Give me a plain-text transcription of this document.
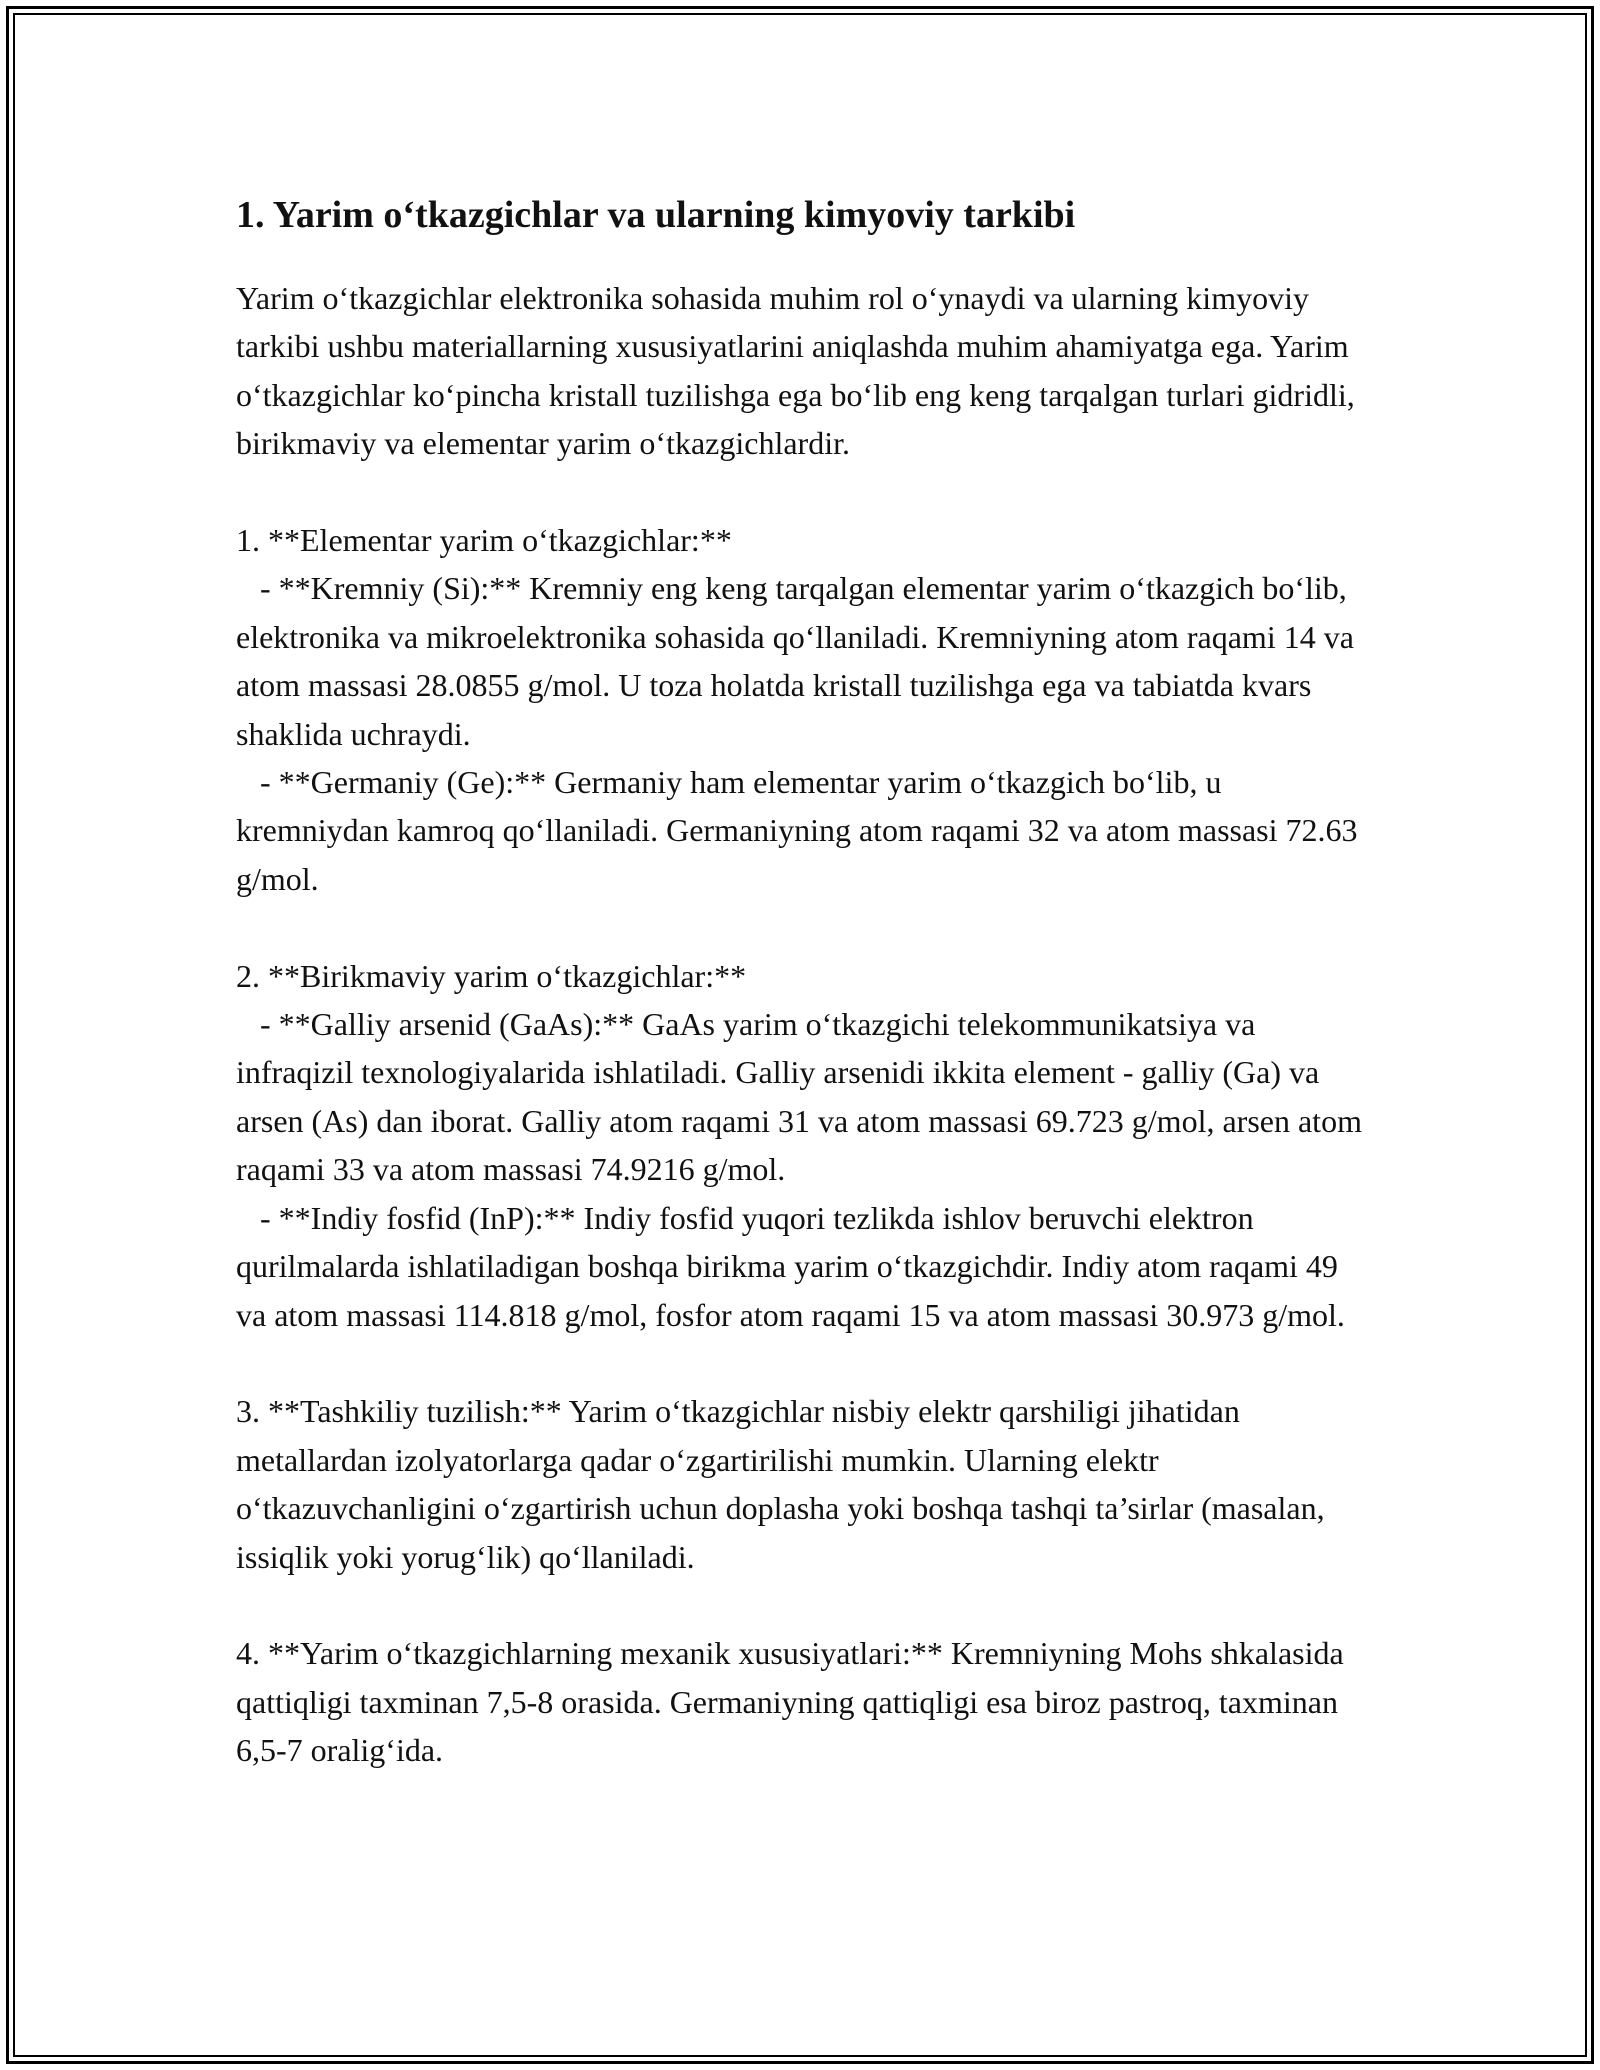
1. Yarim o‘tkazgichlar va ularning kimyoviy tarkibi

Yarim o‘tkazgichlar elektronika sohasida muhim rol o‘ynaydi va ularning kimyoviy tarkibi ushbu materiallarning xususiyatlarini aniqlashda muhim ahamiyatga ega. Yarim o‘tkazgichlar ko‘pincha kristall tuzilishga ega bo‘lib eng keng tarqalgan turlari gidridli, birikmaviy va elementar yarim o‘tkazgichlardir.

1. **Elementar yarim o‘tkazgichlar:**

- **Kremniy (Si):** Kremniy eng keng tarqalgan elementar yarim o‘tkazgich bo‘lib, elektronika va mikroelektronika sohasida qo‘llaniladi. Kremniyning atom raqami 14 va atom massasi 28.0855 g/mol. U toza holatda kristall tuzilishga ega va tabiatda kvars shaklida uchraydi.

- **Germaniy (Ge):** Germaniy ham elementar yarim o‘tkazgich bo‘lib, u kremniydan kamroq qo‘llaniladi. Germaniyning atom raqami 32 va atom massasi 72.63 g/mol.

2. **Birikmaviy yarim o‘tkazgichlar:**

- **Galliy arsenid (GaAs):** GaAs yarim o‘tkazgichi telekommunikatsiya va infraqizil texnologiyalarida ishlatiladi. Galliy arsenidi ikkita element - galliy (Ga) va arsen (As) dan iborat. Galliy atom raqami 31 va atom massasi 69.723 g/mol, arsen atom raqami 33 va atom massasi 74.9216 g/mol.

- **Indiy fosfid (InP):** Indiy fosfid yuqori tezlikda ishlov beruvchi elektron qurilmalarda ishlatiladigan boshqa birikma yarim o‘tkazgichdir. Indiy atom raqami 49 va atom massasi 114.818 g/mol, fosfor atom raqami 15 va atom massasi 30.973 g/mol.

3. **Tashkiliy tuzilish:** Yarim o‘tkazgichlar nisbiy elektr qarshiligi jihatidan metallardan izolyatorlarga qadar o‘zgartirilishi mumkin. Ularning elektr o‘tkazuvchanligini o‘zgartirish uchun doplasha yoki boshqa tashqi ta’sirlar (masalan, issiqlik yoki yorug‘lik) qo‘llaniladi.

4. **Yarim o‘tkazgichlarning mexanik xususiyatlari:** Kremniyning Mohs shkalasida qattiqligi taxminan 7,5-8 orasida. Germaniyning qattiqligi esa biroz pastroq, taxminan 6,5-7 oralig‘ida.
